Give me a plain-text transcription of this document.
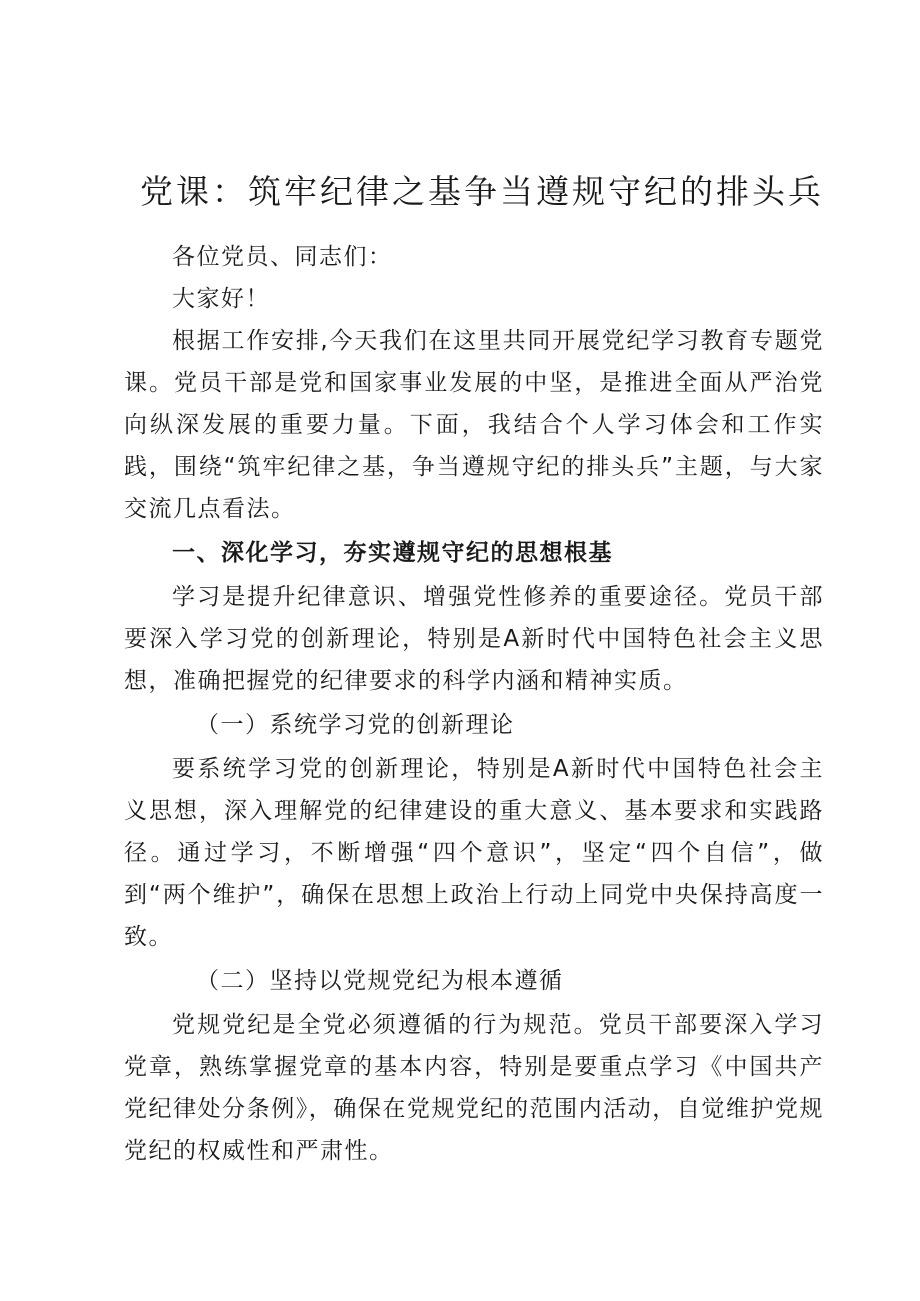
党课：筑牢纪律之基争当遵规守纪的排头兵

各位党员、同志们：

大家好！

根据工作安排,今天我们在这里共同开展党纪学习教育专题党课。党员干部是党和国家事业发展的中坚，是推进全面从严治党向纵深发展的重要力量。下面，我结合个人学习体会和工作实践，围绕“筑牢纪律之基，争当遵规守纪的排头兵”主题，与大家交流几点看法。

一、深化学习，夯实遵规守纪的思想根基

学习是提升纪律意识、增强党性修养的重要途径。党员干部要深入学习党的创新理论，特别是A新时代中国特色社会主义思想，准确把握党的纪律要求的科学内涵和精神实质。

（一）系统学习党的创新理论

要系统学习党的创新理论，特别是A新时代中国特色社会主义思想，深入理解党的纪律建设的重大意义、基本要求和实践路径。通过学习，不断增强“四个意识”，坚定“四个自信”，做到“两个维护”，确保在思想上政治上行动上同党中央保持高度一致。

（二）坚持以党规党纪为根本遵循

党规党纪是全党必须遵循的行为规范。党员干部要深入学习党章，熟练掌握党章的基本内容，特别是要重点学习《中国共产党纪律处分条例》，确保在党规党纪的范围内活动，自觉维护党规党纪的权威性和严肃性。
